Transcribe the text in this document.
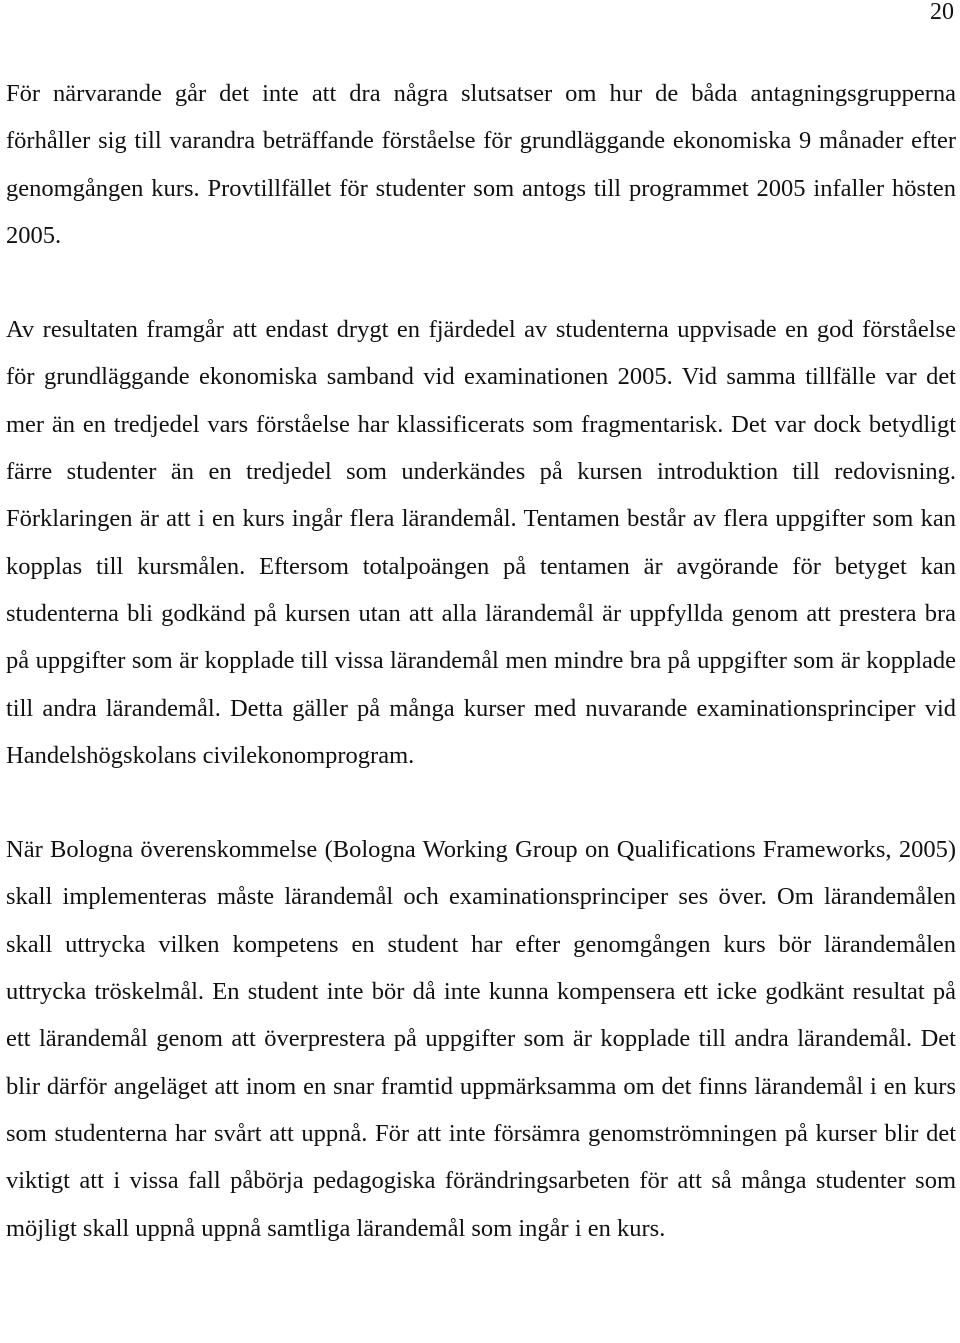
20

För närvarande går det inte att dra några slutsatser om hur de båda antagningsgrupperna förhåller sig till varandra beträffande förståelse för grundläggande ekonomiska 9 månader efter genomgången kurs. Provtillfället för studenter som antogs till programmet 2005 infaller hösten 2005.

Av resultaten framgår att endast drygt en fjärdedel av studenterna uppvisade en god förståelse för grundläggande ekonomiska samband vid examinationen 2005. Vid samma tillfälle var det mer än en tredjedel vars förståelse har klassificerats som fragmentarisk. Det var dock betydligt färre studenter än en tredjedel som underkändes på kursen introduktion till redovisning. Förklaringen är att i en kurs ingår flera lärandemål. Tentamen består av flera uppgifter som kan kopplas till kursmålen. Eftersom totalpoängen på tentamen är avgörande för betyget kan studenterna bli godkänd på kursen utan att alla lärandemål är uppfyllda genom att prestera bra på uppgifter som är kopplade till vissa lärandemål men mindre bra på uppgifter som är kopplade till andra lärandemål. Detta gäller på många kurser med nuvarande examinationsprinciper vid Handelshögskolans civilekonomprogram.

När Bologna överenskommelse (Bologna Working Group on Qualifications Frameworks, 2005) skall implementeras måste lärandemål och examinationsprinciper ses över. Om lärandemålen skall uttrycka vilken kompetens en student har efter genomgången kurs bör lärandemålen uttrycka tröskelmål. En student inte bör då inte kunna kompensera ett icke godkänt resultat på ett lärandemål genom att överprestera på uppgifter som är kopplade till andra lärandemål. Det blir därför angeläget att inom en snar framtid uppmärksamma om det finns lärandemål i en kurs som studenterna har svårt att uppnå. För att inte försämra genomströmningen på kurser blir det viktigt att i vissa fall påbörja pedagogiska förändringsarbeten för att så många studenter som möjligt skall uppnå uppnå samtliga lärandemål som ingår i en kurs.
